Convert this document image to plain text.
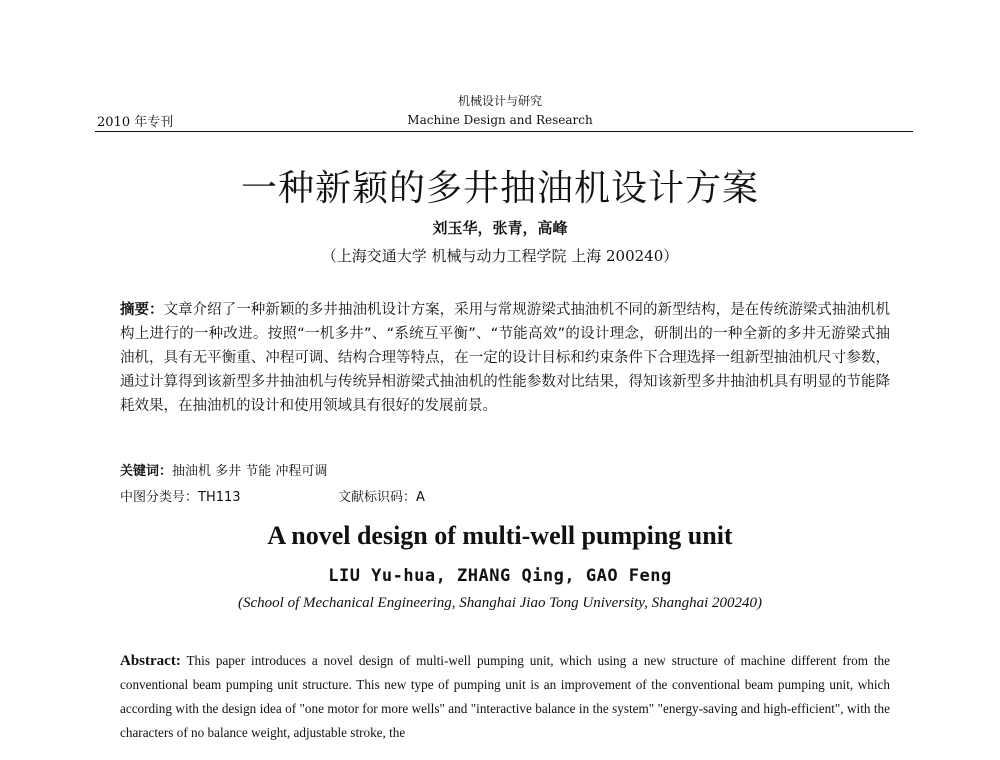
2010 年专刊
机械设计与研究
Machine Design and Research
一种新颖的多井抽油机设计方案
刘玉华，张青，高峰
（上海交通大学 机械与动力工程学院 上海 200240）
摘要：文章介绍了一种新颖的多井抽油机设计方案，采用与常规游梁式抽油机不同的新型结构，是在传统游梁式抽油机机构上进行的一种改进。按照“一机多井”、“系统互平衡”、“节能高效”的设计理念，研制出的一种全新的多井无游梁式抽油机，具有无平衡重、冲程可调、结构合理等特点，在一定的设计目标和约束条件下合理选择一组新型抽油机尺寸参数，通过计算得到该新型多井抽油机与传统异相游梁式抽油机的性能参数对比结果，得知该新型多井抽油机具有明显的节能降耗效果，在抽油机的设计和使用领域具有很好的发展前景。
关键词：抽油机 多井 节能 冲程可调
中图分类号：TH113	文献标识码：A
A novel design of multi-well pumping unit
LIU Yu-hua, ZHANG Qing, GAO Feng
(School of Mechanical Engineering, Shanghai Jiao Tong University, Shanghai 200240)
Abstract: This paper introduces a novel design of multi-well pumping unit, which using a new structure of machine different from the conventional beam pumping unit structure. This new type of pumping unit is an improvement of the conventional beam pumping unit, which according with the design idea of "one motor for more wells" and "interactive balance in the system" "energy-saving and high-efficient", with the characters of no balance weight, adjustable stroke, the
